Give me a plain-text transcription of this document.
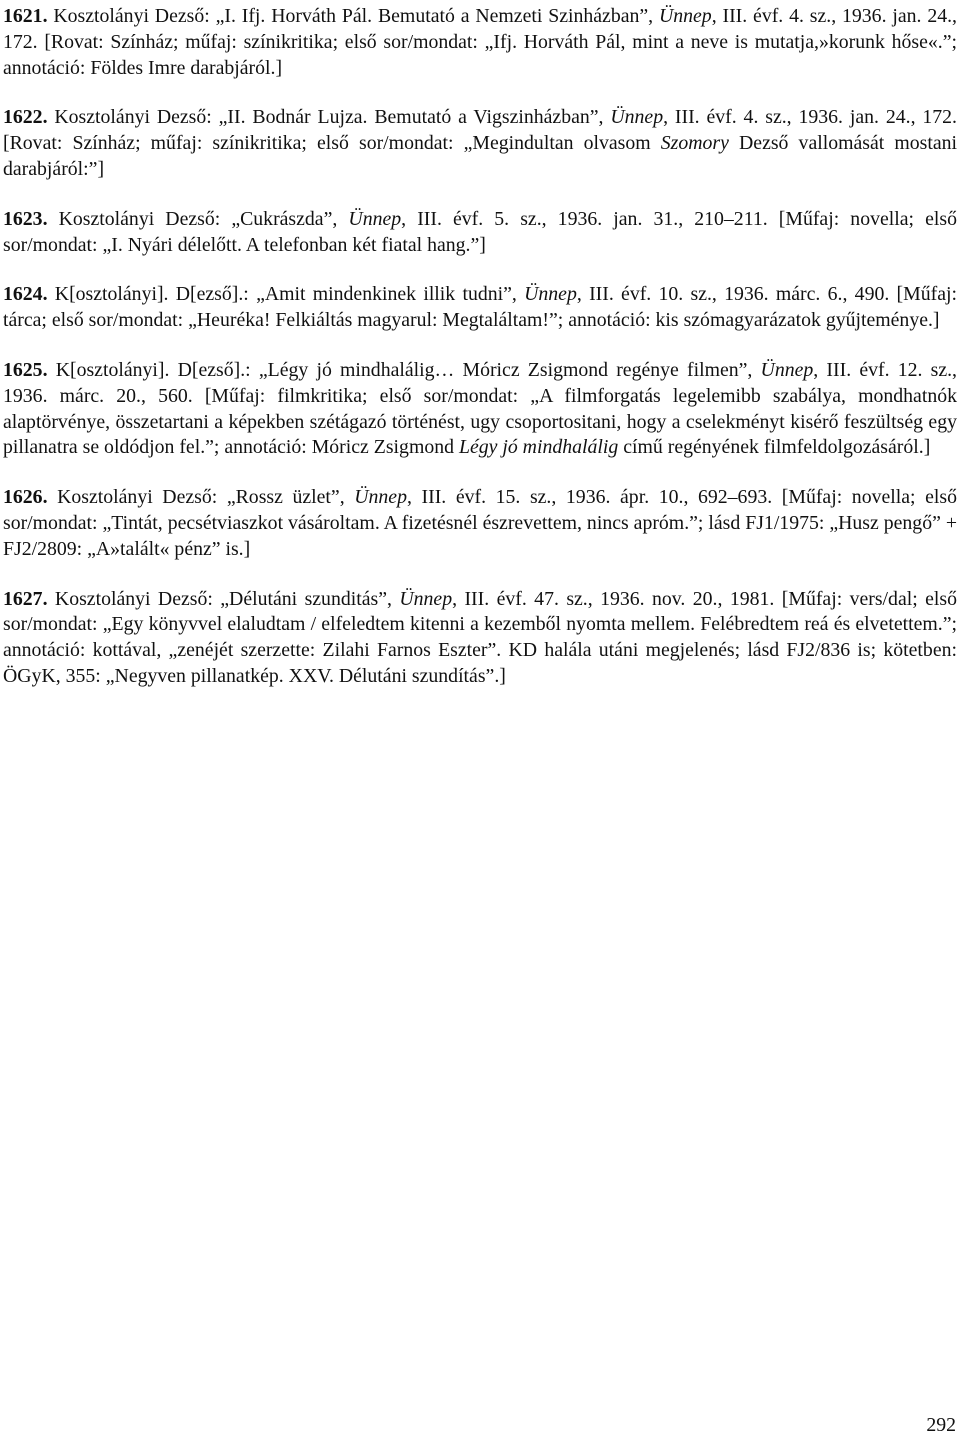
1621. Kosztolányi Dezső: „I. Ifj. Horváth Pál. Bemutató a Nemzeti Szinházban”, Ünnep, III. évf. 4. sz., 1936. jan. 24., 172. [Rovat: Színház; műfaj: színikritika; első sor/mondat: „Ifj. Horváth Pál, mint a neve is mutatja,»korunk hőse«.”; annotáció: Földes Imre darabjáról.]

1622. Kosztolányi Dezső: „II. Bodnár Lujza. Bemutató a Vigszinházban”, Ünnep, III. évf. 4. sz., 1936. jan. 24., 172. [Rovat: Színház; műfaj: színikritika; első sor/mondat: „Megindultan olvasom Szomory Dezső vallomását mostani darabjáról:”]

1623. Kosztolányi Dezső: „Cukrászda”, Ünnep, III. évf. 5. sz., 1936. jan. 31., 210–211. [Műfaj: novella; első sor/mondat: „I. Nyári délelőtt. A telefonban két fiatal hang.”]

1624. K[osztolányi]. D[ezső].: „Amit mindenkinek illik tudni”, Ünnep, III. évf. 10. sz., 1936. márc. 6., 490. [Műfaj: tárca; első sor/mondat: „Heuréka! Felkiáltás magyarul: Megtaláltam!”; annotáció: kis szómagyarázatok gyűjteménye.]

1625. K[osztolányi]. D[ezső].: „Légy jó mindhalálig… Móricz Zsigmond regénye filmen”, Ünnep, III. évf. 12. sz., 1936. márc. 20., 560. [Műfaj: filmkritika; első sor/mondat: „A filmforgatás legelemibb szabálya, mondhatnók alaptörvénye, összetartani a képekben szétágazó történést, ugy csoportositani, hogy a cselekményt kisérő feszültség egy pillanatra se oldódjon fel.”; annotáció: Móricz Zsigmond Légy jó mindhalálig című regényének filmfeldolgozásáról.]

1626. Kosztolányi Dezső: „Rossz üzlet”, Ünnep, III. évf. 15. sz., 1936. ápr. 10., 692–693. [Műfaj: novella; első sor/mondat: „Tintát, pecsétviaszkot vásároltam. A fizetésnél észrevettem, nincs apróm.”; lásd FJ1/1975: „Husz pengő” + FJ2/2809: „A»talált« pénz” is.]

1627. Kosztolányi Dezső: „Délutáni szunditás”, Ünnep, III. évf. 47. sz., 1936. nov. 20., 1981. [Műfaj: vers/dal; első sor/mondat: „Egy könyvvel elaludtam / elfeledtem kitenni a kezemből nyomta mellem. Felébredtem reá és elvetettem.”; annotáció: kottával, „zenéjét szerzette: Zilahi Farnos Eszter”. KD halála utáni megjelenés; lásd FJ2/836 is; kötetben: ÖGyK, 355: „Negyven pillanatkép. XXV. Délutáni szundítás”.]

292
